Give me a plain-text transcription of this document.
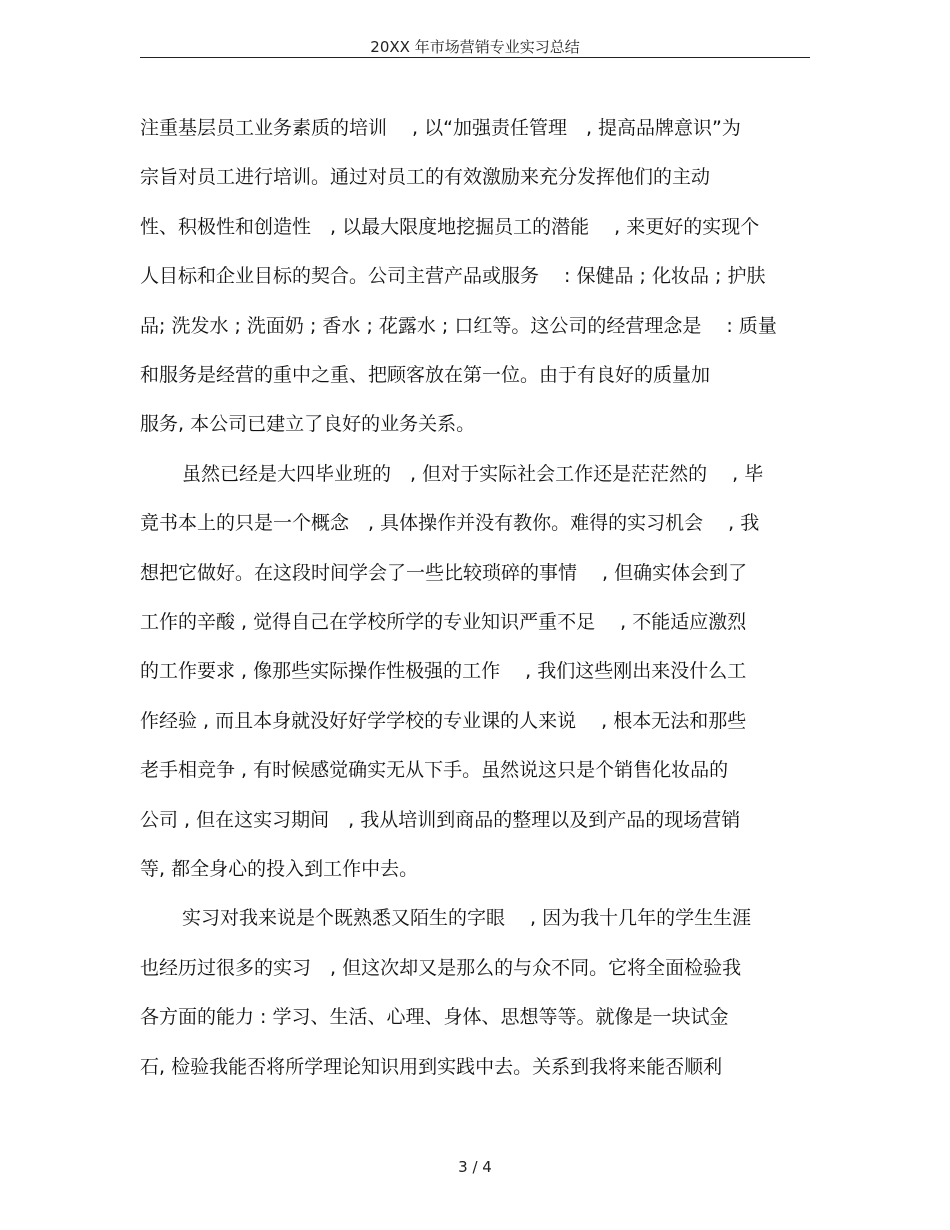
20XX 年市场营销专业实习总结
注重基层员工业务素质的培训　 , 以“加强责任管理　, 提高品牌意识”为
宗旨对员工进行培训。通过对员工的有效激励来充分发挥他们的主动
性、积极性和创造性　, 以最大限度地挖掘员工的潜能　 , 来更好的实现个
人目标和企业目标的契合。公司主营产品或服务　 : 保健品 ; 化妆品 ; 护肤
品; 洗发水 ; 洗面奶 ; 香水 ; 花露水 ; 口红等。这公司的经营理念是　 : 质量
和服务是经营的重中之重、把顾客放在第一位。由于有良好的质量加
服务, 本公司已建立了良好的业务关系。
虽然已经是大四毕业班的　, 但对于实际社会工作还是茫茫然的　 , 毕
竟书本上的只是一个概念　, 具体操作并没有教你。难得的实习机会　 , 我
想把它做好。在这段时间学会了一些比较琐碎的事情　 , 但确实体会到了
工作的辛酸 , 觉得自己在学校所学的专业知识严重不足　 , 不能适应激烈
的工作要求 , 像那些实际操作性极强的工作　 , 我们这些刚出来没什么工
作经验 , 而且本身就没好好学学校的专业课的人来说　 , 根本无法和那些
老手相竞争 , 有时候感觉确实无从下手。虽然说这只是个销售化妆品的
公司 , 但在这实习期间　, 我从培训到商品的整理以及到产品的现场营销
等, 都全身心的投入到工作中去。
实习对我来说是个既熟悉又陌生的字眼　 , 因为我十几年的学生生涯
也经历过很多的实习　, 但这次却又是那么的与众不同。它将全面检验我
各方面的能力 : 学习、生活、心理、身体、思想等等。就像是一块试金
石, 检验我能否将所学理论知识用到实践中去。关系到我将来能否顺利
3 / 4
